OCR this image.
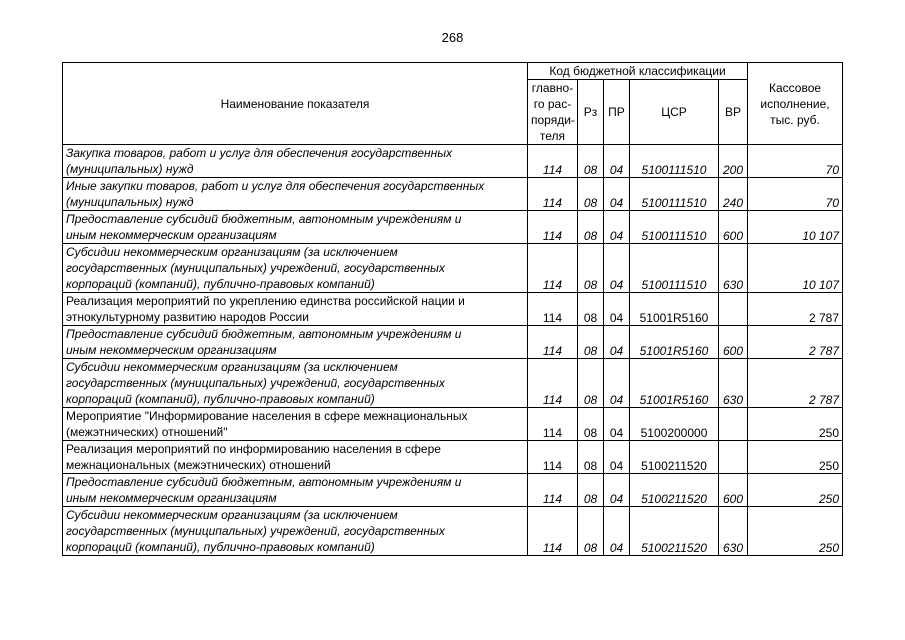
268
Наименование показателя	Код бюджетной классификации					Кассовое
исполнение,
тыс. руб.
	главно-
го рас-
поряди-
теля	Рз	ПР	ЦСР	ВР	
Закупка товаров, работ и услуг для обеспечения государственных
(муниципальных) нужд	114	08	04	5100111510	200	70
Иные закупки товаров, работ и услуг для обеспечения государственных
(муниципальных) нужд	114	08	04	5100111510	240	70
Предоставление субсидий бюджетным, автономным учреждениям и
иным некоммерческим организациям	114	08	04	5100111510	600	10 107
Субсидии некоммерческим организациям (за исключением
государственных (муниципальных) учреждений, государственных
корпораций (компаний), публично-правовых компаний)	114	08	04	5100111510	630	10 107
Реализация мероприятий по укреплению единства российской нации и
этнокультурному развитию народов России	114	08	04	51001R5160		2 787
Предоставление субсидий бюджетным, автономным учреждениям и
иным некоммерческим организациям	114	08	04	51001R5160	600	2 787
Субсидии некоммерческим организациям (за исключением
государственных (муниципальных) учреждений, государственных
корпораций (компаний), публично-правовых компаний)	114	08	04	51001R5160	630	2 787
Мероприятие "Информирование населения в сфере межнациональных
(межэтнических) отношений"	114	08	04	5100200000		250
Реализация мероприятий по информированию населения в сфере
межнациональных (межэтнических) отношений	114	08	04	5100211520		250
Предоставление субсидий бюджетным, автономным учреждениям и
иным некоммерческим организациям	114	08	04	5100211520	600	250
Субсидии некоммерческим организациям (за исключением
государственных (муниципальных) учреждений, государственных
корпораций (компаний), публично-правовых компаний)	114	08	04	5100211520	630	250
